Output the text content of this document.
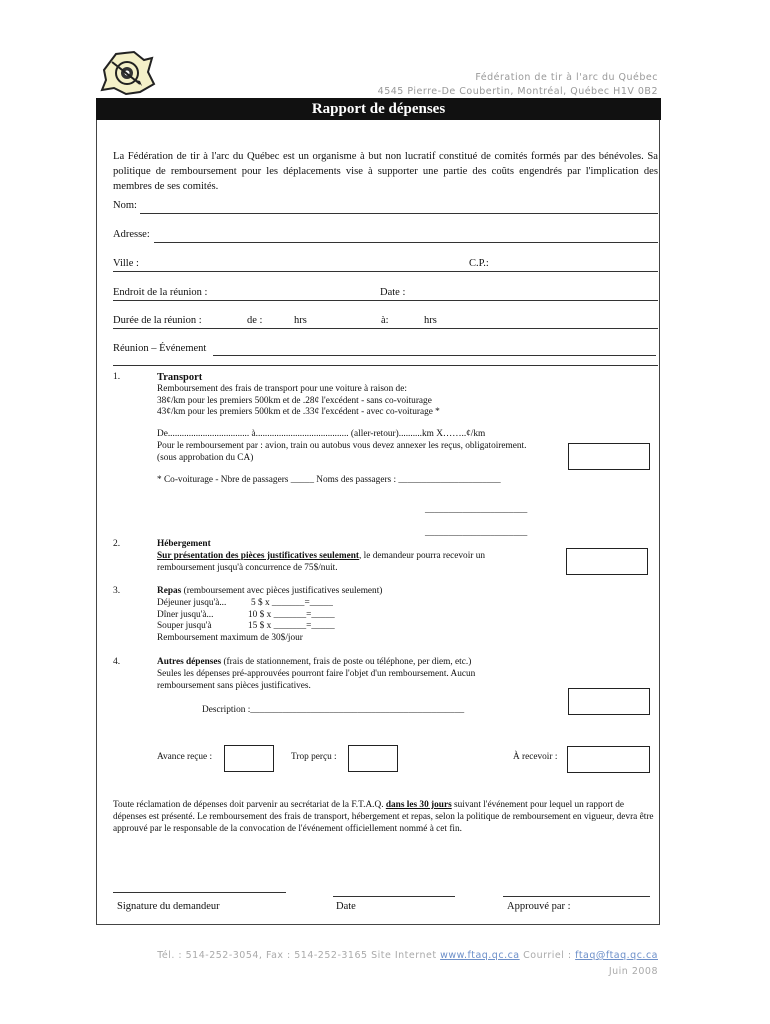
Fédération de tir à l'arc du Québec
4545 Pierre-De Coubertin, Montréal, Québec H1V 0B2
Rapport de dépenses
La Fédération de tir à l'arc du Québec est un organisme à but non lucratif constitué de comités formés par des bénévoles. Sa politique de remboursement pour les déplacements vise à supporter une partie des coûts engendrés par l'implication des membres de ses comités.
Nom:
Adresse:
Ville :	C.P.:
Endroit de la réunion :	Date :
Durée de la réunion :	de :	hrs	à:	hrs
Réunion – Événement
1.	Transport
Remboursement des frais de transport pour une voiture à raison de:
38¢/km pour les premiers 500km et de .28¢ l'excédent - sans co-voiturage
43¢/km pour les premiers 500km et de .33¢ l'excédent - avec co-voiturage *
De................................... à........................................ (aller-retour)..........km X……..¢/km
Pour le remboursement par : avion, train ou autobus vous devez annexer les reçus, obligatoirement.
(sous approbation du CA)
* Co-voiturage - Nbre de passagers _____ Noms des passagers : ______________________
______________________
______________________
2.	Hébergement
Sur présentation des pièces justificatives seulement, le demandeur pourra recevoir un
remboursement jusqu'à concurrence de 75$/nuit.
3.	Repas (remboursement avec pièces justificatives seulement)
Déjeuner jusqu'à...	5 $ x _______=_____
Dîner jusqu'à...	10 $ x _______=_____
Souper jusqu'à	15 $ x _______=_____
Remboursement maximum de 30$/jour
4.	Autres dépenses (frais de stationnement, frais de poste ou téléphone, per diem, etc.)
Seules les dépenses pré-approuvées pourront faire l'objet d'un remboursement. Aucun
remboursement sans pièces justificatives.
Description :______________________________________________
Avance reçue :	Trop perçu :	À recevoir :
Toute réclamation de dépenses doit parvenir au secrétariat de la F.T.A.Q. dans les 30 jours suivant l'événement pour lequel un rapport de dépenses est présenté. Le remboursement des frais de transport, hébergement et repas, selon la politique de remboursement en vigueur, devra être approuvé par le responsable de la convocation de l'événement officiellement nommé à cet fin.
Signature du demandeur	Date	Approuvé par :
Tél. : 514-252-3054, Fax : 514-252-3165 Site Internet www.ftaq.qc.ca Courriel : ftaq@ftaq.qc.ca
Juin 2008
